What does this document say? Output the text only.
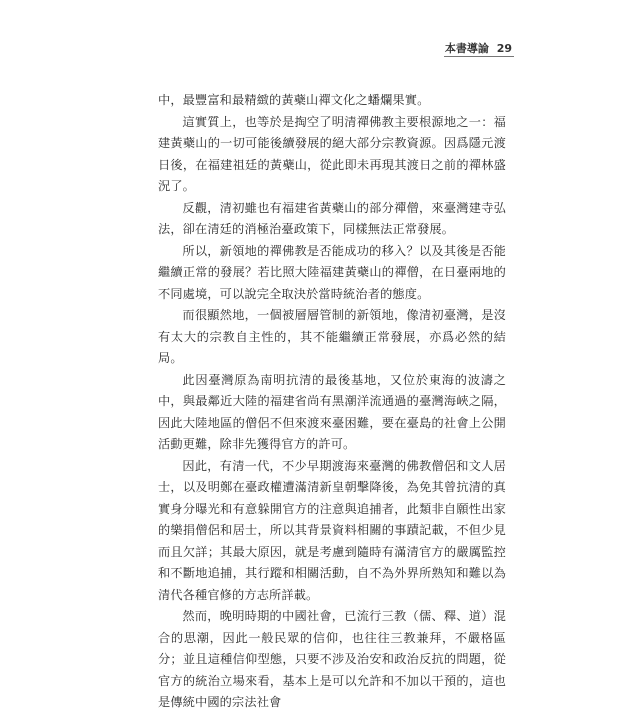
本書導論 29

中，最豐富和最精緻的黃蘗山禪文化之蟠爛果實。

這實質上，也等於是掏空了明清禪佛教主要根源地之一：福建黃蘗山的一切可能後續發展的絕大部分宗教資源。因爲隱元渡日後，在福建祖廷的黃蘗山，從此即未再現其渡日之前的禪林盛況了。

反觀，清初雖也有福建省黃蘗山的部分禪僧，來臺灣建寺弘法，卻在清廷的消極治臺政策下，同樣無法正常發展。

所以，新領地的禪佛教是否能成功的移入？以及其後是否能繼續正常的發展？若比照大陸福建黃蘗山的禪僧，在日臺兩地的不同處境，可以說完全取決於當時統治者的態度。

而很顯然地，一個被層層管制的新領地，像清初臺灣，是沒有太大的宗教自主性的，其不能繼續正常發展，亦爲必然的結局。

此因臺灣原為南明抗清的最後基地，又位於東海的波濤之中，與最鄰近大陸的福建省尚有黑潮洋流通過的臺灣海峽之隔，因此大陸地區的僧侶不但來渡來臺困難，要在臺島的社會上公開活動更難，除非先獲得官方的許可。

因此，有清一代，不少早期渡海來臺灣的佛教僧侶和文人居士，以及明鄭在臺政權遭滿清新皇朝擊降後，為免其曾抗清的真實身分曝光和有意躲開官方的注意與追捕者，此類非自願性出家的樂捐僧侶和居士，所以其背景資料相關的事蹟記載，不但少見而且欠詳；其最大原因，就是考慮到隨時有滿清官方的嚴厲監控和不斷地追捕，其行蹤和相關活動，自不為外界所熟知和難以為清代各種官修的方志所詳載。

然而，晚明時期的中國社會，已流行三教（儒、釋、道）混合的思潮，因此一般民眾的信仰，也往往三教兼拜，不嚴格區分；並且這種信仰型態，只要不涉及治安和政治反抗的問題，從官方的統治立場來看，基本上是可以允許和不加以干預的，這也是傳統中國的宗法社會
